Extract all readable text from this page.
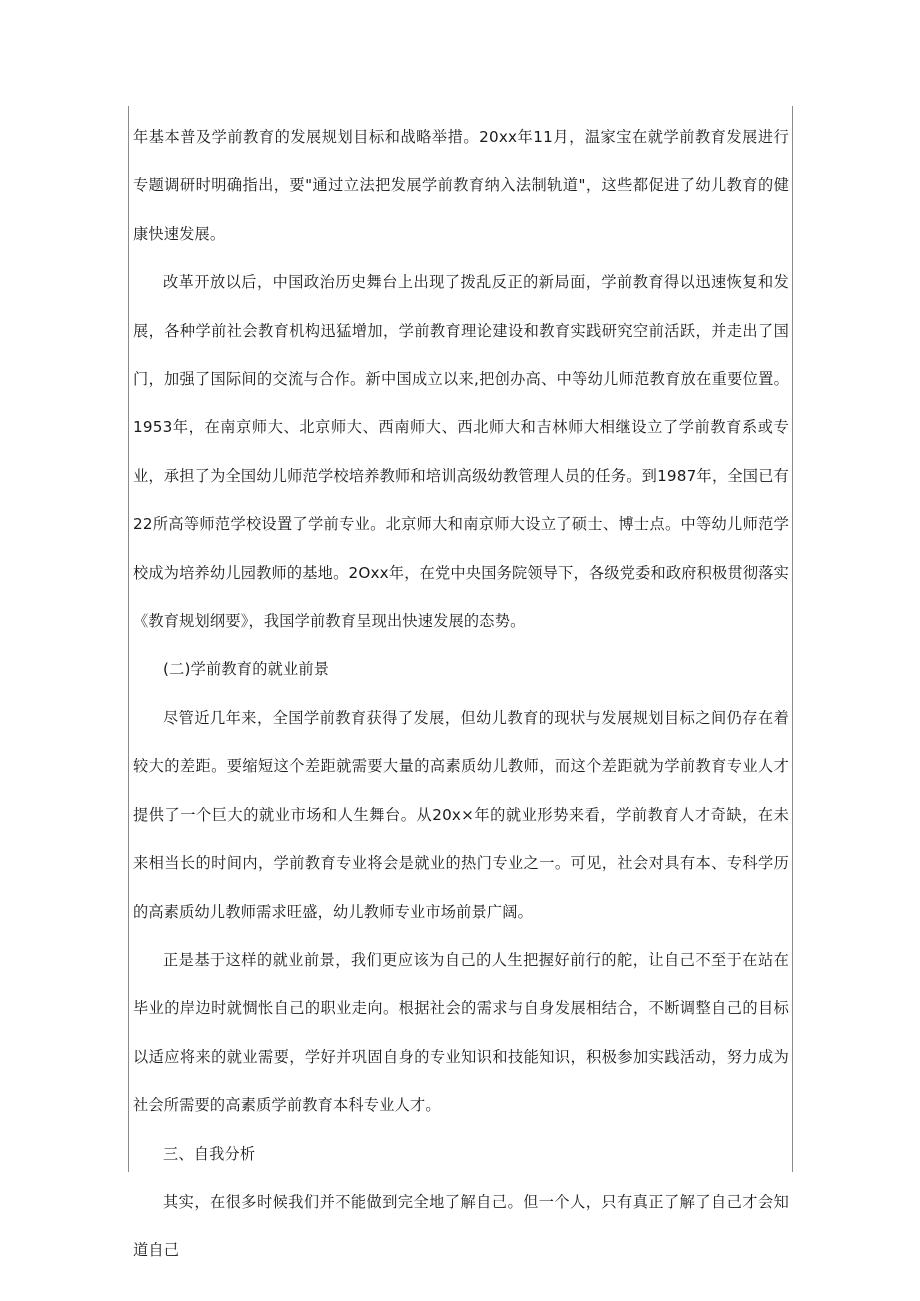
年基本普及学前教育的发展规划目标和战略举措。20xx年11月，温家宝在就学前教育发展进行专题调研时明确指出，要"通过立法把发展学前教育纳入法制轨道"，这些都促进了幼儿教育的健康快速发展。

改革开放以后，中国政治历史舞台上出现了拨乱反正的新局面，学前教育得以迅速恢复和发展，各种学前社会教育机构迅猛增加，学前教育理论建设和教育实践研究空前活跃，并走出了国门，加强了国际间的交流与合作。新中国成立以来,把创办高、中等幼儿师范教育放在重要位置。1953年，在南京师大、北京师大、西南师大、西北师大和吉林师大相继设立了学前教育系或专业，承担了为全国幼儿师范学校培养教师和培训高级幼教管理人员的任务。到1987年，全国已有22所高等师范学校设置了学前专业。北京师大和南京师大设立了硕士、博士点。中等幼儿师范学校成为培养幼儿园教师的基地。2Oxx年，在党中央国务院领导下，各级党委和政府积极贯彻落实《教育规划纲要》，我国学前教育呈现出快速发展的态势。

(二)学前教育的就业前景

尽管近几年来，全国学前教育获得了发展，但幼儿教育的现状与发展规划目标之间仍存在着较大的差距。要缩短这个差距就需要大量的高素质幼儿教师，而这个差距就为学前教育专业人才提供了一个巨大的就业市场和人生舞台。从20x×年的就业形势来看，学前教育人才奇缺，在未来相当长的时间内，学前教育专业将会是就业的热门专业之一。可见，社会对具有本、专科学历的高素质幼儿教师需求旺盛，幼儿教师专业市场前景广阔。

正是基于这样的就业前景，我们更应该为自己的人生把握好前行的舵，让自己不至于在站在毕业的岸边时就惆怅自己的职业走向。根据社会的需求与自身发展相结合，不断调整自己的目标以适应将来的就业需要，学好并巩固自身的专业知识和技能知识，积极参加实践活动，努力成为社会所需要的高素质学前教育本科专业人才。

三、自我分析

其实，在很多时候我们并不能做到完全地了解自己。但一个人，只有真正了解了自己才会知道自己
